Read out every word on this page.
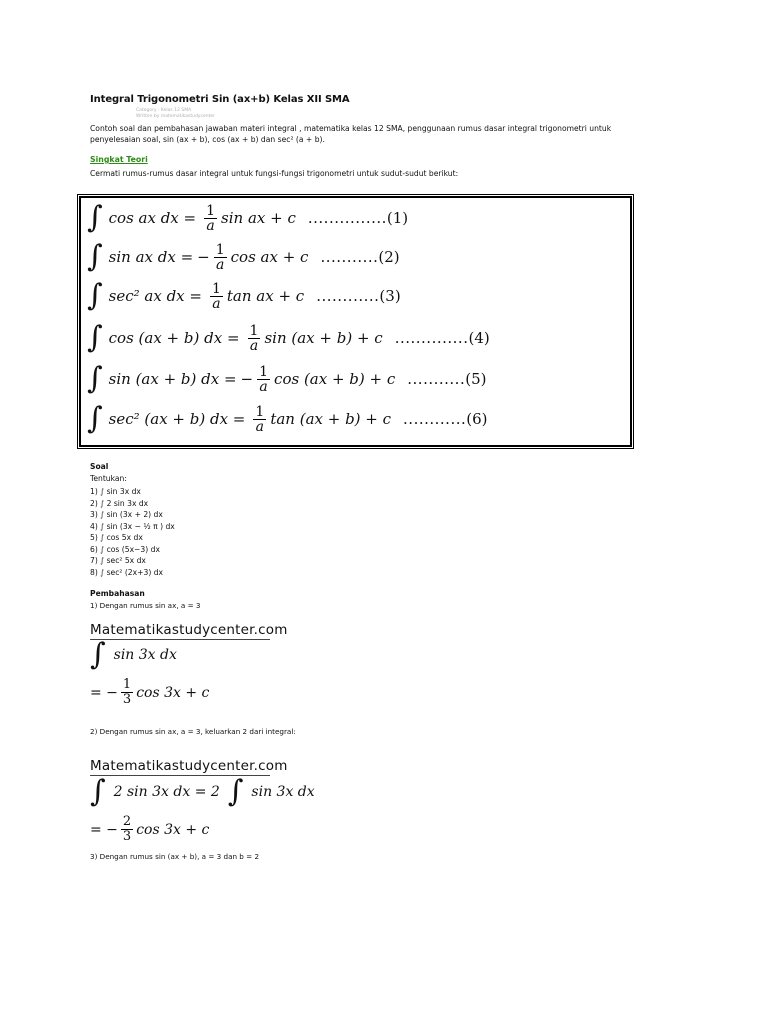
Integral Trigonometri Sin (ax+b) Kelas XII SMA
Category : Kelas 12 SMA
Written by matematikastudycenter
Contoh soal dan pembahasan jawaban materi integral , matematika kelas 12 SMA, penggunaan rumus dasar integral trigonometri untuk penyelesaian soal, sin (ax + b), cos (ax + b) dan sec² (a + b).
Singkat Teori
Cermati rumus-rumus dasar integral untuk fungsi-fungsi trigonometri untuk sudut-sudut berikut:
∫ cos ax dx = $\frac{1}{a}$ sin ax + c ............... (1)
∫ sin ax dx = − $\frac{1}{a}$ cos ax + c ........... (2)
∫ sec² ax dx = $\frac{1}{a}$ tan ax + c ............ (3)
∫ cos (ax + b) dx = $\frac{1}{a}$ sin (ax + b) + c .............. (4)
∫ sin (ax + b) dx = − $\frac{1}{a}$ cos (ax + b) + c ........... (5)
∫ sec² (ax + b) dx = $\frac{1}{a}$ tan (ax + b) + c ............ (6)
Soal
Tentukan:
1) ∫ sin 3x dx
2) ∫ 2 sin 3x dx
3) ∫ sin (3x + 2) dx
4) ∫ sin (3x − ½ π ) dx
5) ∫ cos 5x dx
6) ∫ cos (5x−3) dx
7) ∫ sec² 5x dx
8) ∫ sec² (2x+3) dx
Pembahasan
1) Dengan rumus sin ax, a = 3
Matematikastudycenter.com
∫ sin 3x dx
= − $\frac{1}{3}$ cos 3x + c
2) Dengan rumus sin ax, a = 3, keluarkan 2 dari integral:
Matematikastudycenter.com
∫ 2 sin 3x dx = 2 ∫ sin 3x dx
= − $\frac{2}{3}$ cos 3x + c
3) Dengan rumus sin (ax + b), a = 3 dan b = 2
